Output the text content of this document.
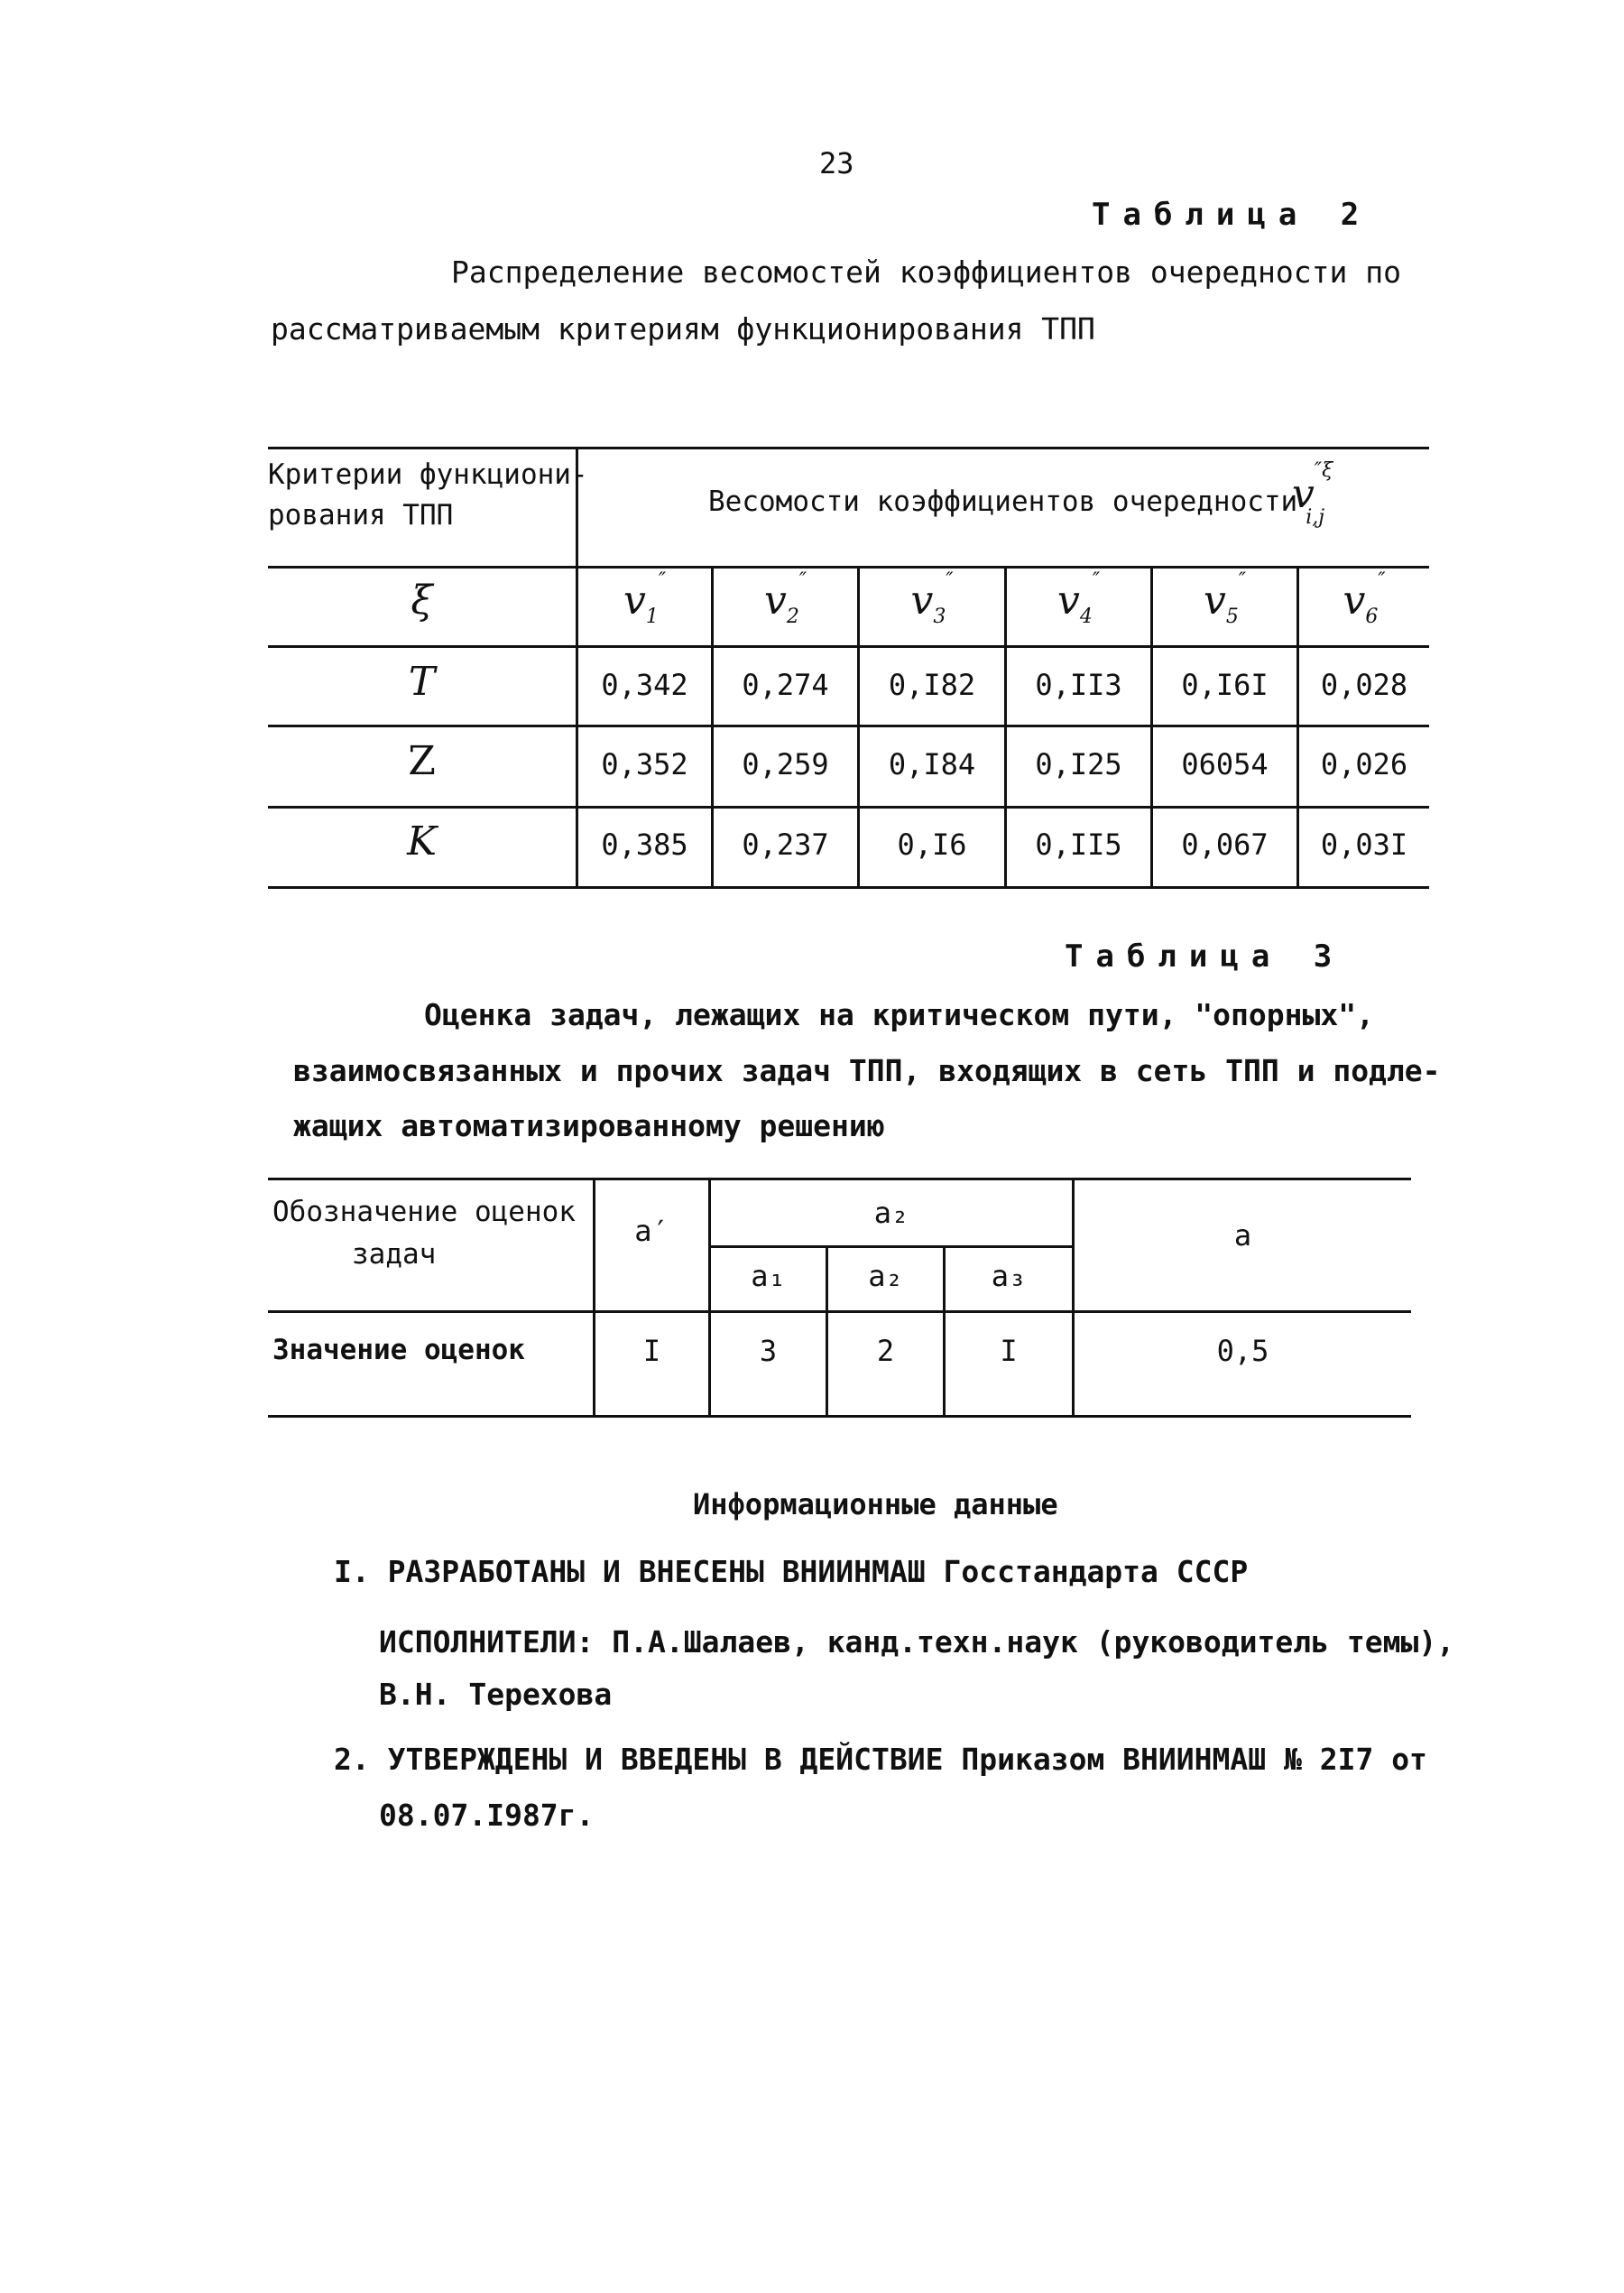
23
Таблица 2
Распределение весомостей коэффициентов очередности по
рассматриваемым критериям функционирования ТПП
Критерии функциони-
рования ТПП	Весомости коэффициентов очередности
$v^{''\xi}_{i,j}$
ξ	$v_1''$	$v_2''$	$v_3''$	$v_4''$	$v_5''$	$v_6''$
T	0,342	0,274	0,I82	0,II3	0,I6I	0,028
Z	0,352	0,259	0,I84	0,I25	06054	0,026
K	0,385	0,237	0,I6	0,II5	0,067	0,03I
Таблица 3
Оценка задач, лежащих на критическом пути, "опорных",
взаимосвязанных и прочих задач ТПП, входящих в сеть ТПП и подле-
жащих автоматизированному решению
Обозначение оценок
задач
a′
a₂
a₁	a₂	a₃
a
Значение оценок	I	3	2	I	0,5
Информационные данные
I. РАЗРАБОТАНЫ И ВНЕСЕНЫ ВНИИНМАШ Госстандарта СССР
ИСПОЛНИТЕЛИ: П.А.Шалаев, канд.техн.наук (руководитель темы),
В.Н. Терехова
2. УТВЕРЖДЕНЫ И ВВЕДЕНЫ В ДЕЙСТВИЕ Приказом ВНИИНМАШ № 2I7 от
08.07.I987г.
